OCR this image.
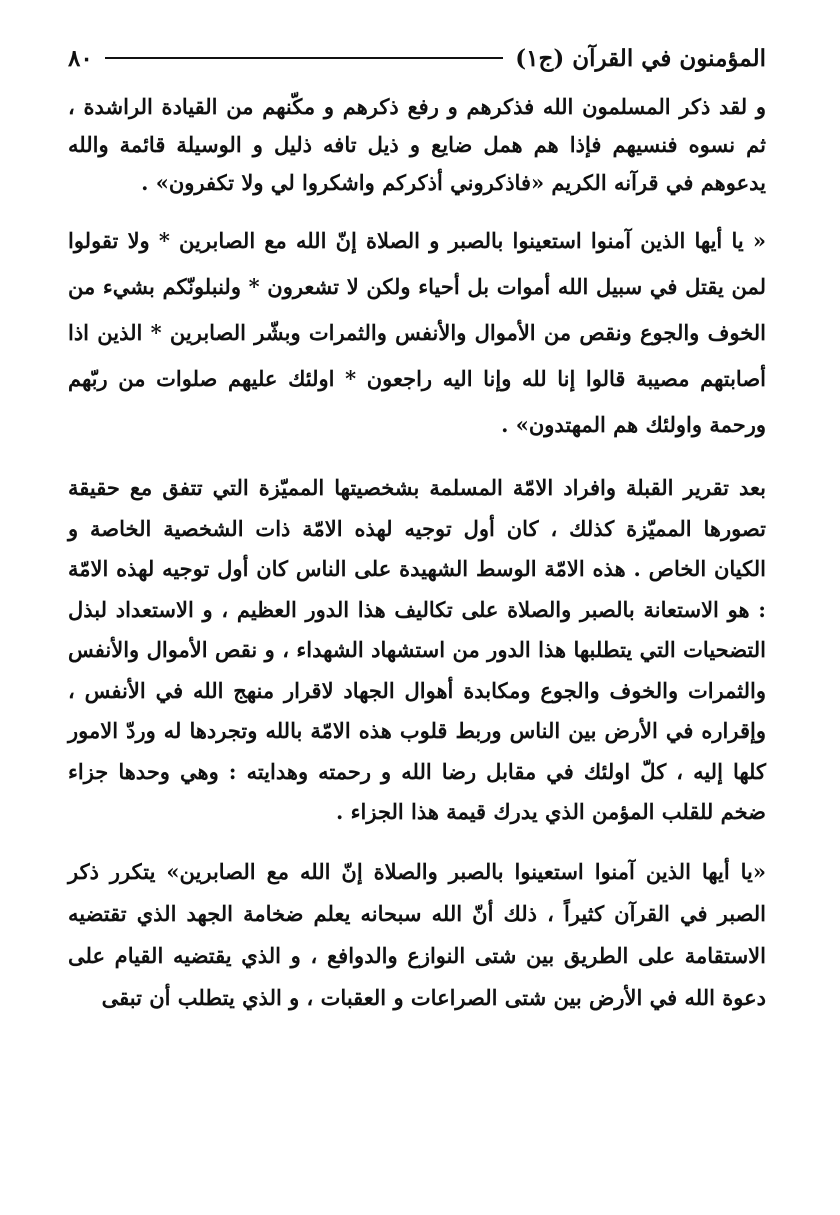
٨٠	المؤمنون في القرآن (ج١)

و لقد ذكر المسلمون الله فذكرهم و رفع ذكرهم و مكّنهم من القيادة الراشدة ، ثم نسوه فنسيهم فإذا هم همل ضايع و ذيل تافه ذليل و الوسيلة قائمة والله يدعوهم في قرآنه الكريم «فاذكروني أذكركم واشكروا لي ولا تكفرون» .

« يا أيها الذين آمنوا استعينوا بالصبر و الصلاة إنّ الله مع الصابرين * ولا تقولوا لمن يقتل في سبيل الله أموات بل أحياء ولكن لا تشعرون * ولنبلونّكم بشيء من الخوف والجوع ونقص من الأموال والأنفس والثمرات وبشّر الصابرين * الذين اذا أصابتهم مصيبة قالوا إنا لله وإنا اليه راجعون * اولئك عليهم صلوات من ربّهم ورحمة واولئك هم المهتدون» .

بعد تقرير القبلة وافراد الامّة المسلمة بشخصيتها المميّزة التي تتفق مع حقيقة تصورها المميّزة كذلك ، كان أول توجيه لهذه الامّة ذات الشخصية الخاصة و الكيان الخاص . هذه الامّة الوسط الشهيدة على الناس كان أول توجيه لهذه الامّة : هو الاستعانة بالصبر والصلاة على تكاليف هذا الدور العظيم ، و الاستعداد لبذل التضحيات التي يتطلبها هذا الدور من استشهاد الشهداء ، و نقص الأموال والأنفس والثمرات والخوف والجوع ومكابدة أهوال الجهاد لاقرار منهج الله في الأنفس ، وإقراره في الأرض بين الناس وربط قلوب هذه الامّة بالله وتجردها له وردّ الامور كلها إليه ، كلّ اولئك في مقابل رضا الله و رحمته وهدايته : وهي وحدها جزاء ضخم للقلب المؤمن الذي يدرك قيمة هذا الجزاء .

«يا أيها الذين آمنوا استعينوا بالصبر والصلاة إنّ الله مع الصابرين» يتكرر ذكر الصبر في القرآن كثيراً ، ذلك أنّ الله سبحانه يعلم ضخامة الجهد الذي تقتضيه الاستقامة على الطريق بين شتى النوازع والدوافع ، و الذي يقتضيه القيام على دعوة الله في الأرض بين شتى الصراعات و العقبات ، و الذي يتطلب أن تبقى
